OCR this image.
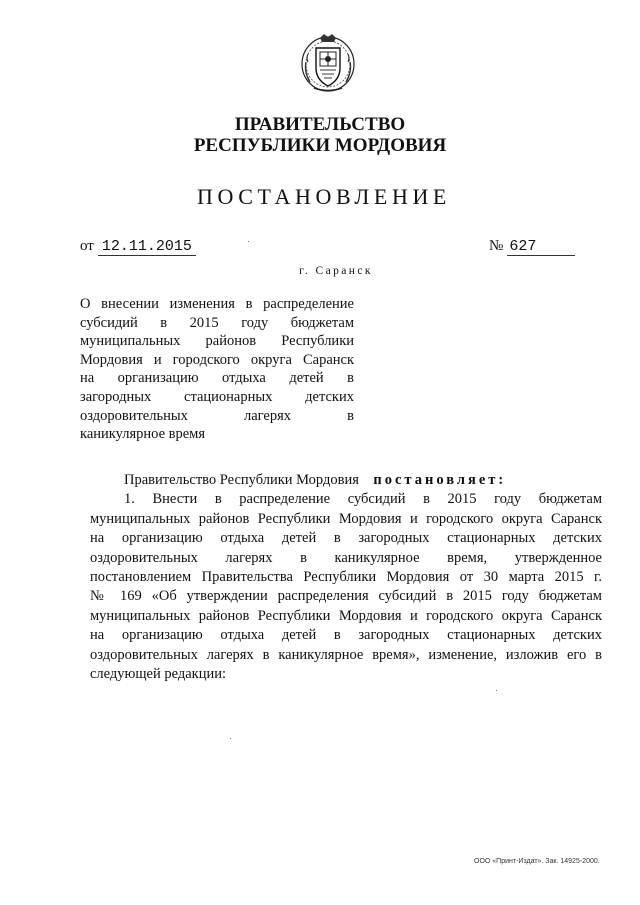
ПРАВИТЕЛЬСТВО
РЕСПУБЛИКИ МОРДОВИЯ
ПОСТАНОВЛЕНИЕ
от 12.11.2015	№ 627
г. Саранск

О внесении изменения в распределение

субсидий в 2015 году бюджетам

муниципальных районов Республики

Мордовия и городского округа Саранск

на организацию отдыха детей в

загородных стационарных детских

оздоровительных лагерях в

каникулярное время

Правительство Республики Мордовия постановляет:
1. Внести в распределение субсидий в 2015 году бюджетам
муниципальных районов Республики Мордовия и городского округа Саранск
на организацию отдыха детей в загородных стационарных детских
оздоровительных лагерях в каникулярное время, утвержденное
постановлением Правительства Республики Мордовия от 30 марта 2015 г.
№ 169 «Об утверждении распределения субсидий в 2015 году бюджетам
муниципальных районов Республики Мордовия и городского округа Саранск
на организацию отдыха детей в загородных стационарных детских
оздоровительных лагерях в каникулярное время», изменение, изложив его в
следующей редакции:
ООО «Принт-Издат». Зак. 14925-2000.
